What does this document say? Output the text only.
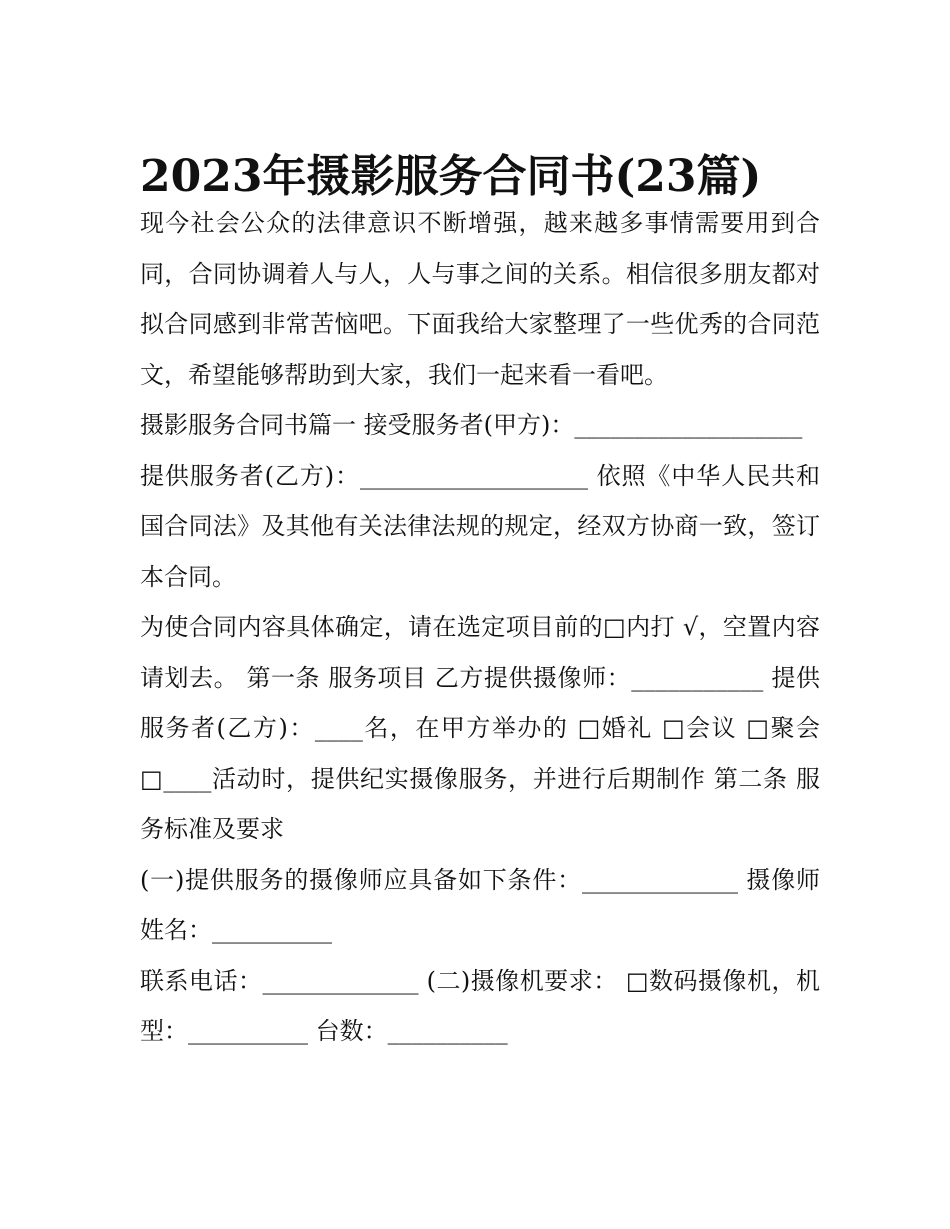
2023年摄影服务合同书(23篇)

现今社会公众的法律意识不断增强，越来越多事情需要用到合同，合同协调着人与人，人与事之间的关系。相信很多朋友都对拟合同感到非常苦恼吧。下面我给大家整理了一些优秀的合同范文，希望能够帮助到大家，我们一起来看一看吧。

摄影服务合同书篇一 接受服务者(甲方)：___________________

提供服务者(乙方)：___________________ 依照《中华人民共和国合同法》及其他有关法律法规的规定，经双方协商一致，签订本合同。

为使合同内容具体确定，请在选定项目前的□内打 √，空置内容请划去。 第一条 服务项目 乙方提供摄像师：___________ 提供服务者(乙方)：____名，在甲方举办的 □婚礼 □会议 □聚会 □____活动时，提供纪实摄像服务，并进行后期制作 第二条 服务标准及要求

(一)提供服务的摄像师应具备如下条件：_____________ 摄像师姓名：__________

联系电话：_____________ (二)摄像机要求： □数码摄像机，机型：__________ 台数：__________
